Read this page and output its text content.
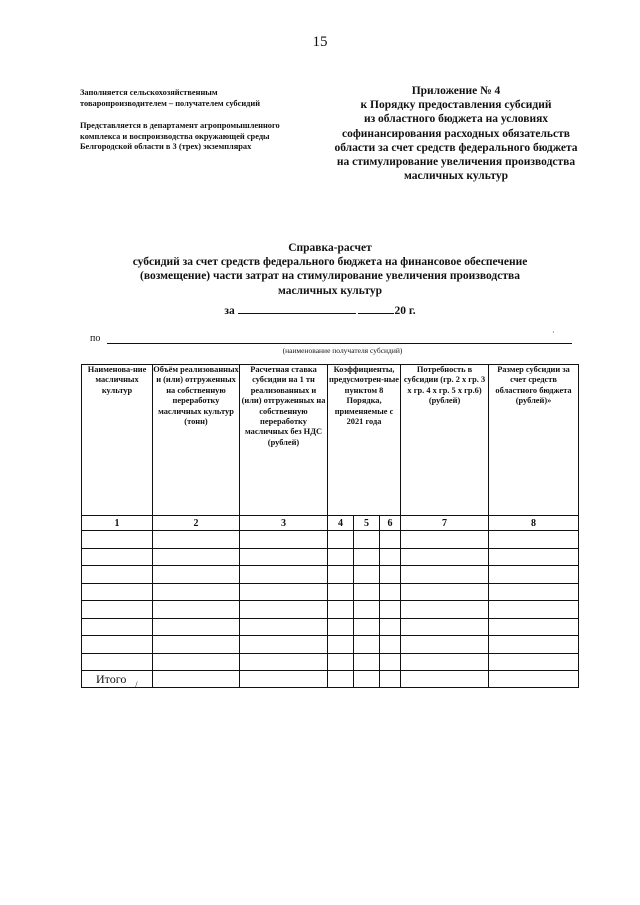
15
Заполняется сельскохозяйственным товаропроизводителем – получателем субсидий
Представляется в департамент агропромышленного комплекса и воспроизводства окружающей среды Белгородской области в 3 (трех) экземплярах
Приложение № 4
к Порядку предоставления субсидий
из областного бюджета на условиях
софинансирования расходных обязательств
области за счет средств федерального бюджета
на стимулирование увеличения производства
масличных культур
Справка-расчет
субсидий за счет средств федерального бюджета на финансовое обеспечение
(возмещение) части затрат на стимулирование увеличения производства
масличных культур
за	20 г.
по
(наименование получателя субсидий)
·
Наименова-ние масличных культур	Объём реализованных и (или) отгруженных на собственную переработку масличных культур (тонн)	Расчетная ставка субсидии на 1 тн реализованных и (или) отгруженных на собственную переработку масличных без НДС (рублей)	Коэффициенты, предусмотрен-ные пунктом 8 Порядка, применяемые с 2021 года			Потребность в субсидии (гр. 2 х гр. 3 х гр. 4 х гр. 5 х гр.6) (рублей)	Размер субсидии за счет средств областного бюджета (рублей)»
1	2	3	4	5	6	7	8

Итого							/
